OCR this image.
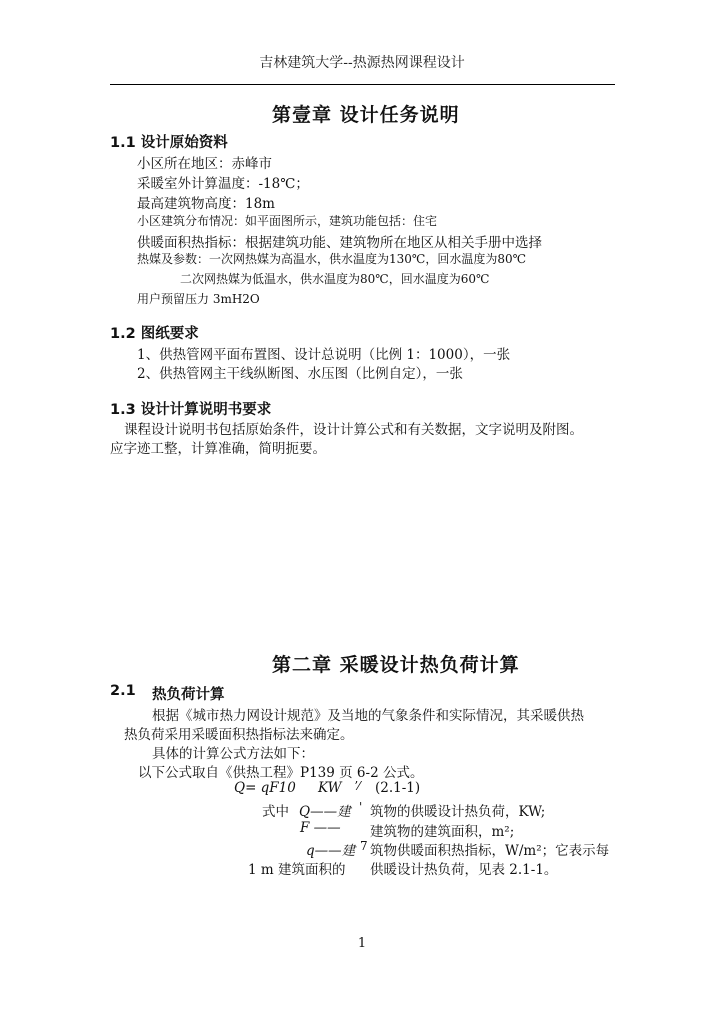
吉林建筑大学--热源热网课程设计
第壹章 设计任务说明
1.1 设计原始资料
小区所在地区：赤峰市
采暖室外计算温度：-18℃；
最高建筑物高度：18m
小区建筑分布情况：如平面图所示，建筑功能包括：住宅
供暖面积热指标：根据建筑功能、建筑物所在地区从相关手册中选择
热媒及参数：一次网热媒为高温水，供水温度为130℃，回水温度为80℃
二次网热媒为低温水，供水温度为80℃，回水温度为60℃
用户预留压力 3mH2O
1.2 图纸要求
1、供热管网平面布置图、设计总说明（比例 1：1000），一张
2、供热管网主干线纵断图、水压图（比例自定），一张
1.3 设计计算说明书要求
课程设计说明书包括原始条件，设计计算公式和有关数据，文字说明及附图。
应字迹工整，计算准确，简明扼要。
第二章 采暖设计热负荷计算
2.1 热负荷计算
根据《城市热力网设计规范》及当地的气象条件和实际情况，其采暖供热
热负荷采用采暖面积热指标法来确定。
具体的计算公式方法如下：
以下公式取自《供热工程》P139 页 6-2 公式。
Q= qF10 KW ʼ⁄ (2.1-1)
式中 Q——建 ' 筑物的供暖设计热负荷，KW;
F —— 建筑物的建筑面积，m²;
q——建 7 筑物供暖面积热指标，W/m²；它表示每
1 m 建筑面积的 供暖设计热负荷，见表 2.1-1。
1
